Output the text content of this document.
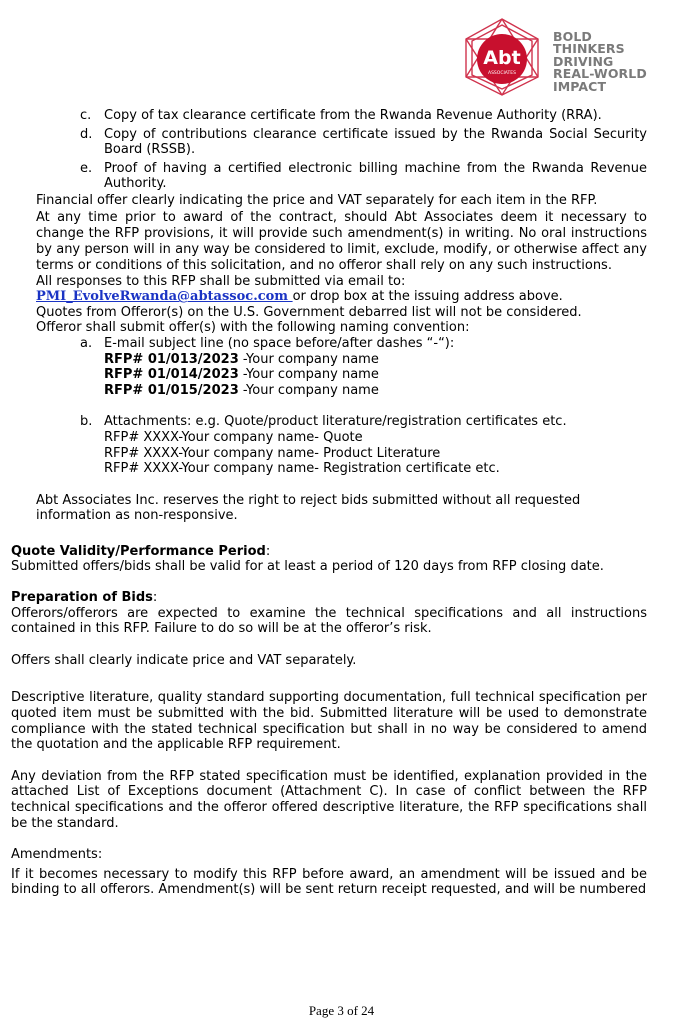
Abt
ASSOCIATES
BOLD
THINKERS
DRIVING
REAL-WORLD
IMPACT
c. Copy of tax clearance certificate from the Rwanda Revenue Authority (RRA).
d. Copy of contributions clearance certificate issued by the Rwanda Social Security Board (RSSB).
e. Proof of having a certified electronic billing machine from the Rwanda Revenue Authority.
Financial offer clearly indicating the price and VAT separately for each item in the RFP.
At any time prior to award of the contract, should Abt Associates deem it necessary to change the RFP provisions, it will provide such amendment(s) in writing. No oral instructions by any person will in any way be considered to limit, exclude, modify, or otherwise affect any terms or conditions of this solicitation, and no offeror shall rely on any such instructions.
All responses to this RFP shall be submitted via email to:
PMI_EvolveRwanda@abtassoc.com or drop box at the issuing address above.
Quotes from Offeror(s) on the U.S. Government debarred list will not be considered.
Offeror shall submit offer(s) with the following naming convention:
a. E-mail subject line (no space before/after dashes “-“):
RFP# 01/013/2023 -Your company name
RFP# 01/014/2023 -Your company name
RFP# 01/015/2023 -Your company name
b. Attachments: e.g. Quote/product literature/registration certificates etc.
RFP# XXXX-Your company name- Quote
RFP# XXXX-Your company name- Product Literature
RFP# XXXX-Your company name- Registration certificate etc.
Abt Associates Inc. reserves the right to reject bids submitted without all requested information as non-responsive.
Quote Validity/Performance Period:
Submitted offers/bids shall be valid for at least a period of 120 days from RFP closing date.
Preparation of Bids:
Offerors/offerors are expected to examine the technical specifications and all instructions contained in this RFP. Failure to do so will be at the offeror’s risk.
Offers shall clearly indicate price and VAT separately.
Descriptive literature, quality standard supporting documentation, full technical specification per quoted item must be submitted with the bid. Submitted literature will be used to demonstrate compliance with the stated technical specification but shall in no way be considered to amend the quotation and the applicable RFP requirement.
Any deviation from the RFP stated specification must be identified, explanation provided in the attached List of Exceptions document (Attachment C). In case of conflict between the RFP technical specifications and the offeror offered descriptive literature, the RFP specifications shall be the standard.
Amendments:
If it becomes necessary to modify this RFP before award, an amendment will be issued and be binding to all offerors. Amendment(s) will be sent return receipt requested, and will be numbered
Page 3 of 24
